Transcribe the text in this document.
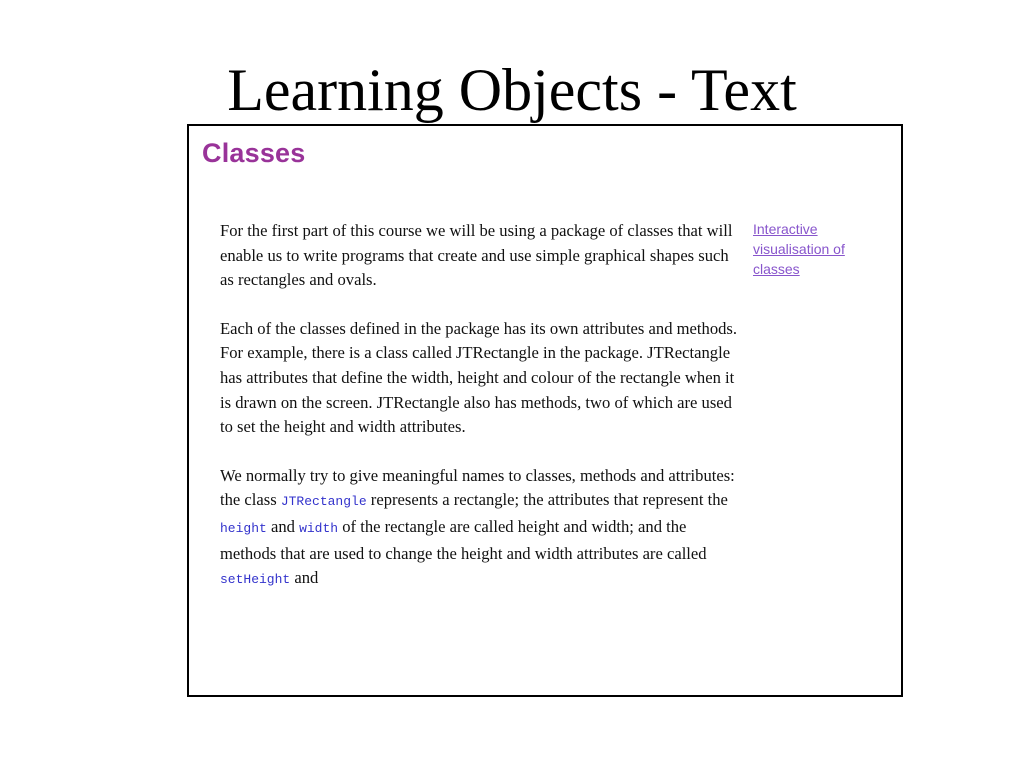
Learning Objects - Text
Classes

For the first part of this course we will be using a package of classes that will enable us to write programs that create and use simple graphical shapes such as rectangles and ovals.

Each of the classes defined in the package has its own attributes and methods. For example, there is a class called JTRectangle in the package. JTRectangle has attributes that define the width, height and colour of the rectangle when it is drawn on the screen. JTRectangle also has methods, two of which are used to set the height and width attributes.

We normally try to give meaningful names to classes, methods and attributes: the class JTRectangle represents a rectangle; the attributes that represent the height and width of the rectangle are called height and width; and the methods that are used to change the height and width attributes are called setHeight and

Interactive visualisation of classes
